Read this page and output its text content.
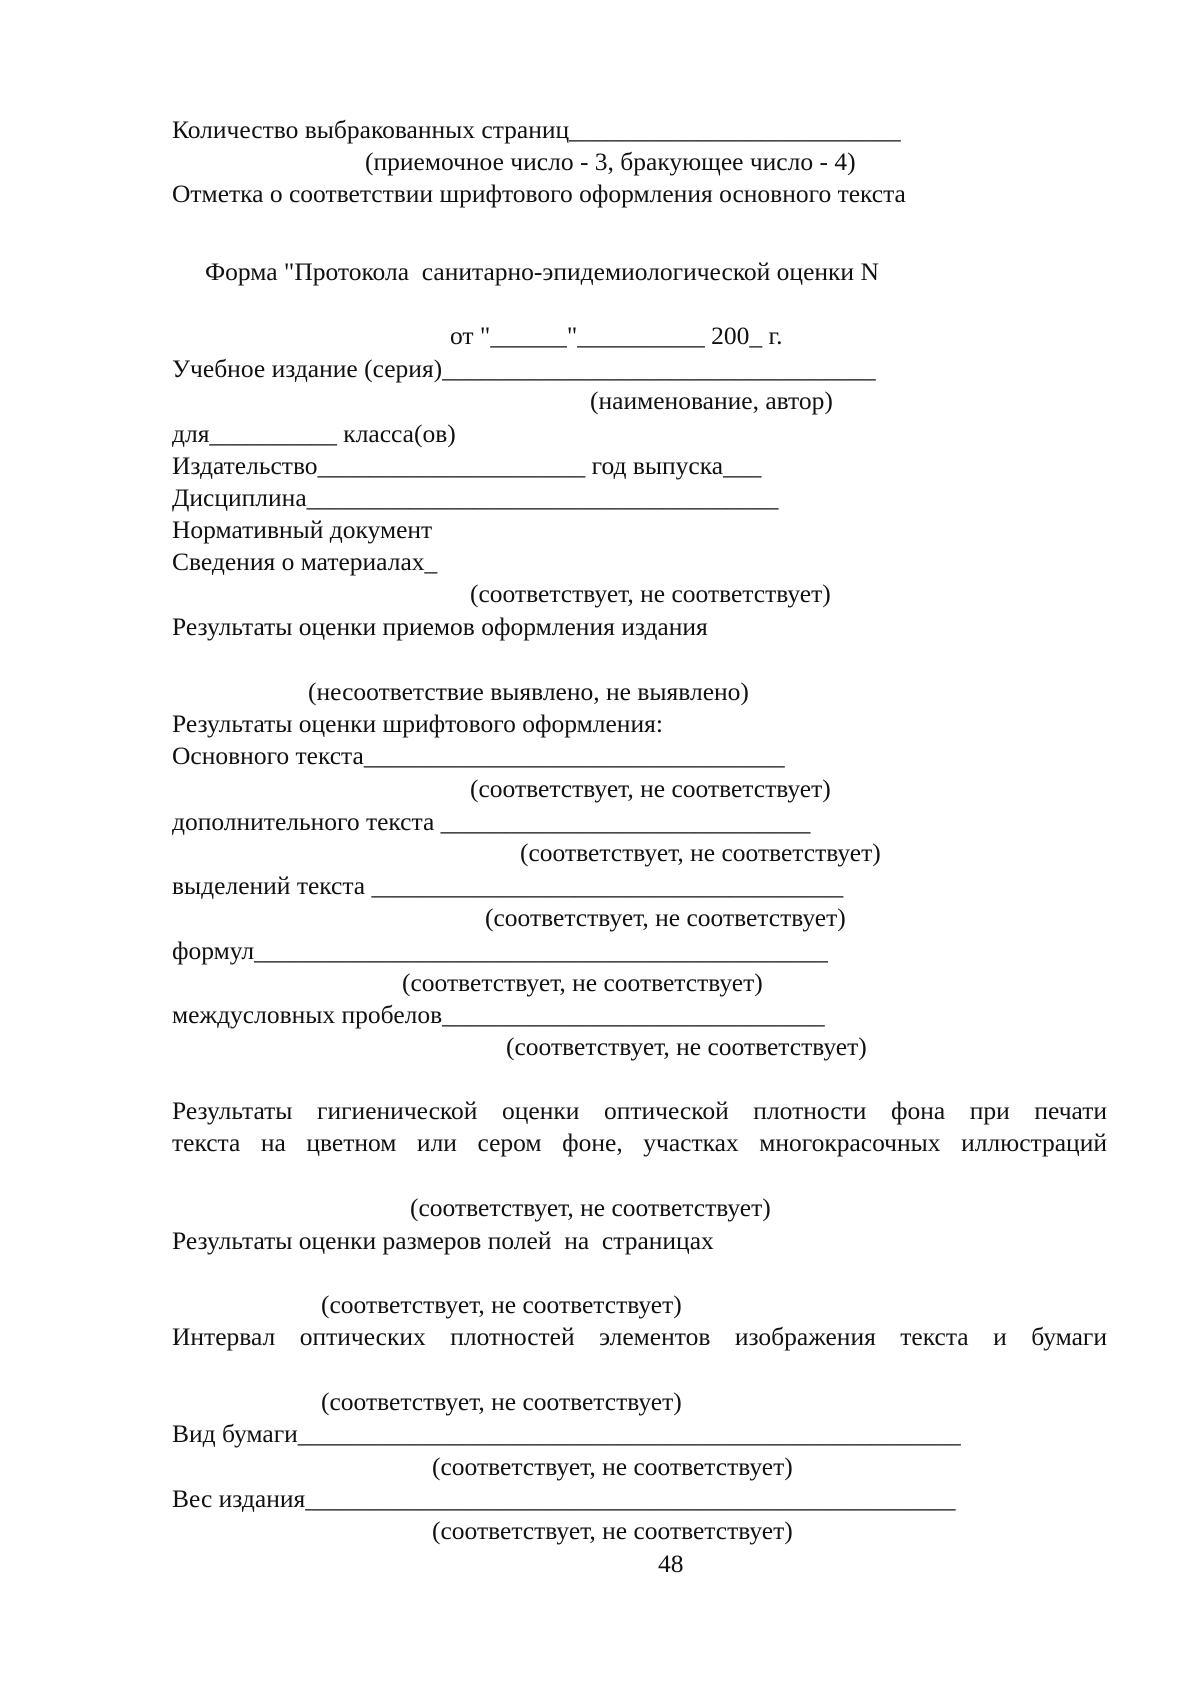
Количество выбракованных страниц__________________________
(приемочное число - 3, бракующее число - 4)
Отметка о соответствии шрифтового оформления основного текста
Форма "Протокола  санитарно-эпидемиологической оценки N
от "______"__________ 200_ г.
Учебное издание (серия)__________________________________
(наименование, автор)
для__________ класса(ов)
Издательство_____________________ год выпуска___
Дисциплина_____________________________________
Нормативный документ
Сведения о материалах_
(соответствует, не соответствует)
Результаты оценки приемов оформления издания
(несоответствие выявлено, не выявлено)
Результаты оценки шрифтового оформления:
Основного текста_________________________________
(соответствует, не соответствует)
дополнительного текста _____________________________
(соответствует, не соответствует)
выделений текста _____________________________________
(соответствует, не соответствует)
формул_____________________________________________
(соответствует, не соответствует)
междусловных пробелов______________________________
(соответствует, не соответствует)
Результаты гигиенической оценки оптической плотности фона при печати
текста на цветном или сером фоне, участках многокрасочных иллюстраций
(соответствует, не соответствует)
Результаты оценки размеров полей  на  страницах
(соответствует, не соответствует)
Интервал оптических плотностей элементов изображения текста и бумаги
(соответствует, не соответствует)
Вид бумаги____________________________________________________
(соответствует, не соответствует)
Вес издания___________________________________________________
(соответствует, не соответствует)
48
